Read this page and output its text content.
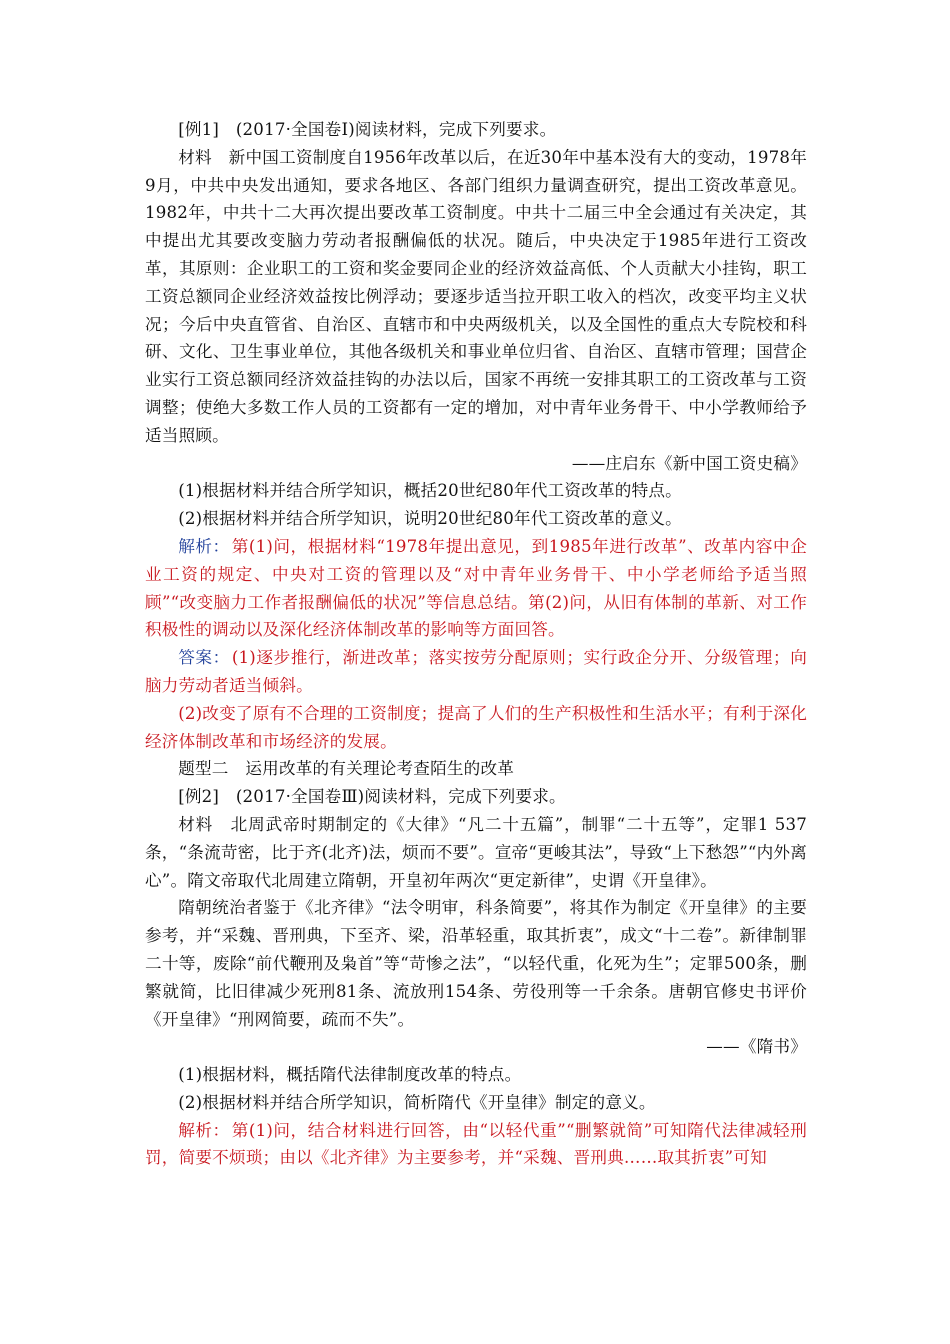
[例1]　(2017·全国卷Ⅰ)阅读材料，完成下列要求。

材料　新中国工资制度自1956年改革以后，在近30年中基本没有大的变动，1978年9月，中共中央发出通知，要求各地区、各部门组织力量调查研究，提出工资改革意见。1982年，中共十二大再次提出要改革工资制度。中共十二届三中全会通过有关决定，其中提出尤其要改变脑力劳动者报酬偏低的状况。随后，中央决定于1985年进行工资改革，其原则：企业职工的工资和奖金要同企业的经济效益高低、个人贡献大小挂钩，职工工资总额同企业经济效益按比例浮动；要逐步适当拉开职工收入的档次，改变平均主义状况；今后中央直管省、自治区、直辖市和中央两级机关，以及全国性的重点大专院校和科研、文化、卫生事业单位，其他各级机关和事业单位归省、自治区、直辖市管理；国营企业实行工资总额同经济效益挂钩的办法以后，国家不再统一安排其职工的工资改革与工资调整；使绝大多数工作人员的工资都有一定的增加，对中青年业务骨干、中小学教师给予适当照顾。

——庄启东《新中国工资史稿》

(1)根据材料并结合所学知识，概括20世纪80年代工资改革的特点。

(2)根据材料并结合所学知识，说明20世纪80年代工资改革的意义。

解析： 第(1)问，根据材料“1978年提出意见，到1985年进行改革”、改革内容中企业工资的规定、中央对工资的管理以及“对中青年业务骨干、中小学老师给予适当照顾”“改变脑力工作者报酬偏低的状况”等信息总结。第(2)问，从旧有体制的革新、对工作积极性的调动以及深化经济体制改革的影响等方面回答。

答案： (1)逐步推行，渐进改革；落实按劳分配原则；实行政企分开、分级管理；向脑力劳动者适当倾斜。

(2)改变了原有不合理的工资制度；提高了人们的生产积极性和生活水平；有利于深化经济体制改革和市场经济的发展。

题型二　运用改革的有关理论考查陌生的改革

[例2]　(2017·全国卷Ⅲ)阅读材料，完成下列要求。

材料　北周武帝时期制定的《大律》“凡二十五篇”，制罪“二十五等”，定罪1 537条，“条流苛密，比于齐(北齐)法，烦而不要”。宣帝“更峻其法”，导致“上下愁怨”“内外离心”。隋文帝取代北周建立隋朝，开皇初年两次“更定新律”，史谓《开皇律》。

隋朝统治者鉴于《北齐律》“法令明审，科条简要”，将其作为制定《开皇律》的主要参考，并“采魏、晋刑典，下至齐、梁，沿革轻重，取其折衷”，成文“十二卷”。新律制罪二十等，废除“前代鞭刑及枭首”等“苛惨之法”，“以轻代重，化死为生”；定罪500条，删繁就简，比旧律减少死刑81条、流放刑154条、劳役刑等一千余条。唐朝官修史书评价《开皇律》“刑网简要，疏而不失”。

——《隋书》

(1)根据材料，概括隋代法律制度改革的特点。

(2)根据材料并结合所学知识，简析隋代《开皇律》制定的意义。

解析： 第(1)问，结合材料进行回答，由“以轻代重”“删繁就简”可知隋代法律减轻刑罚，简要不烦琐；由以《北齐律》为主要参考，并“采魏、晋刑典……取其折衷”可知
